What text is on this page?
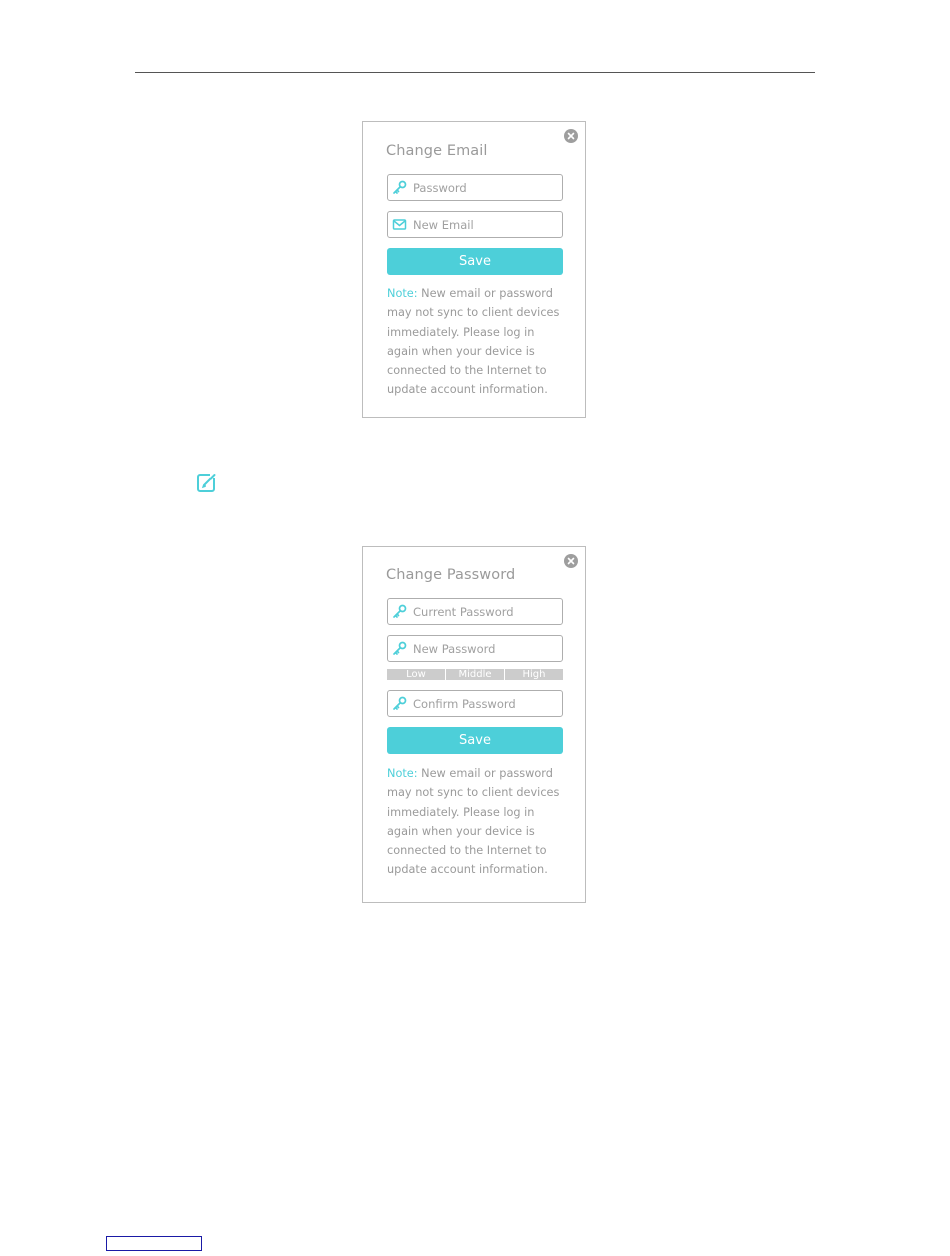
Change Email
New Email
Save

Note: New email or password may not sync to client devices immediately. Please log in again when your device is connected to the Internet to update account information.

Change Password
Low	Middle	High
Save

Note: New email or password may not sync to client devices immediately. Please log in again when your device is connected to the Internet to update account information.
